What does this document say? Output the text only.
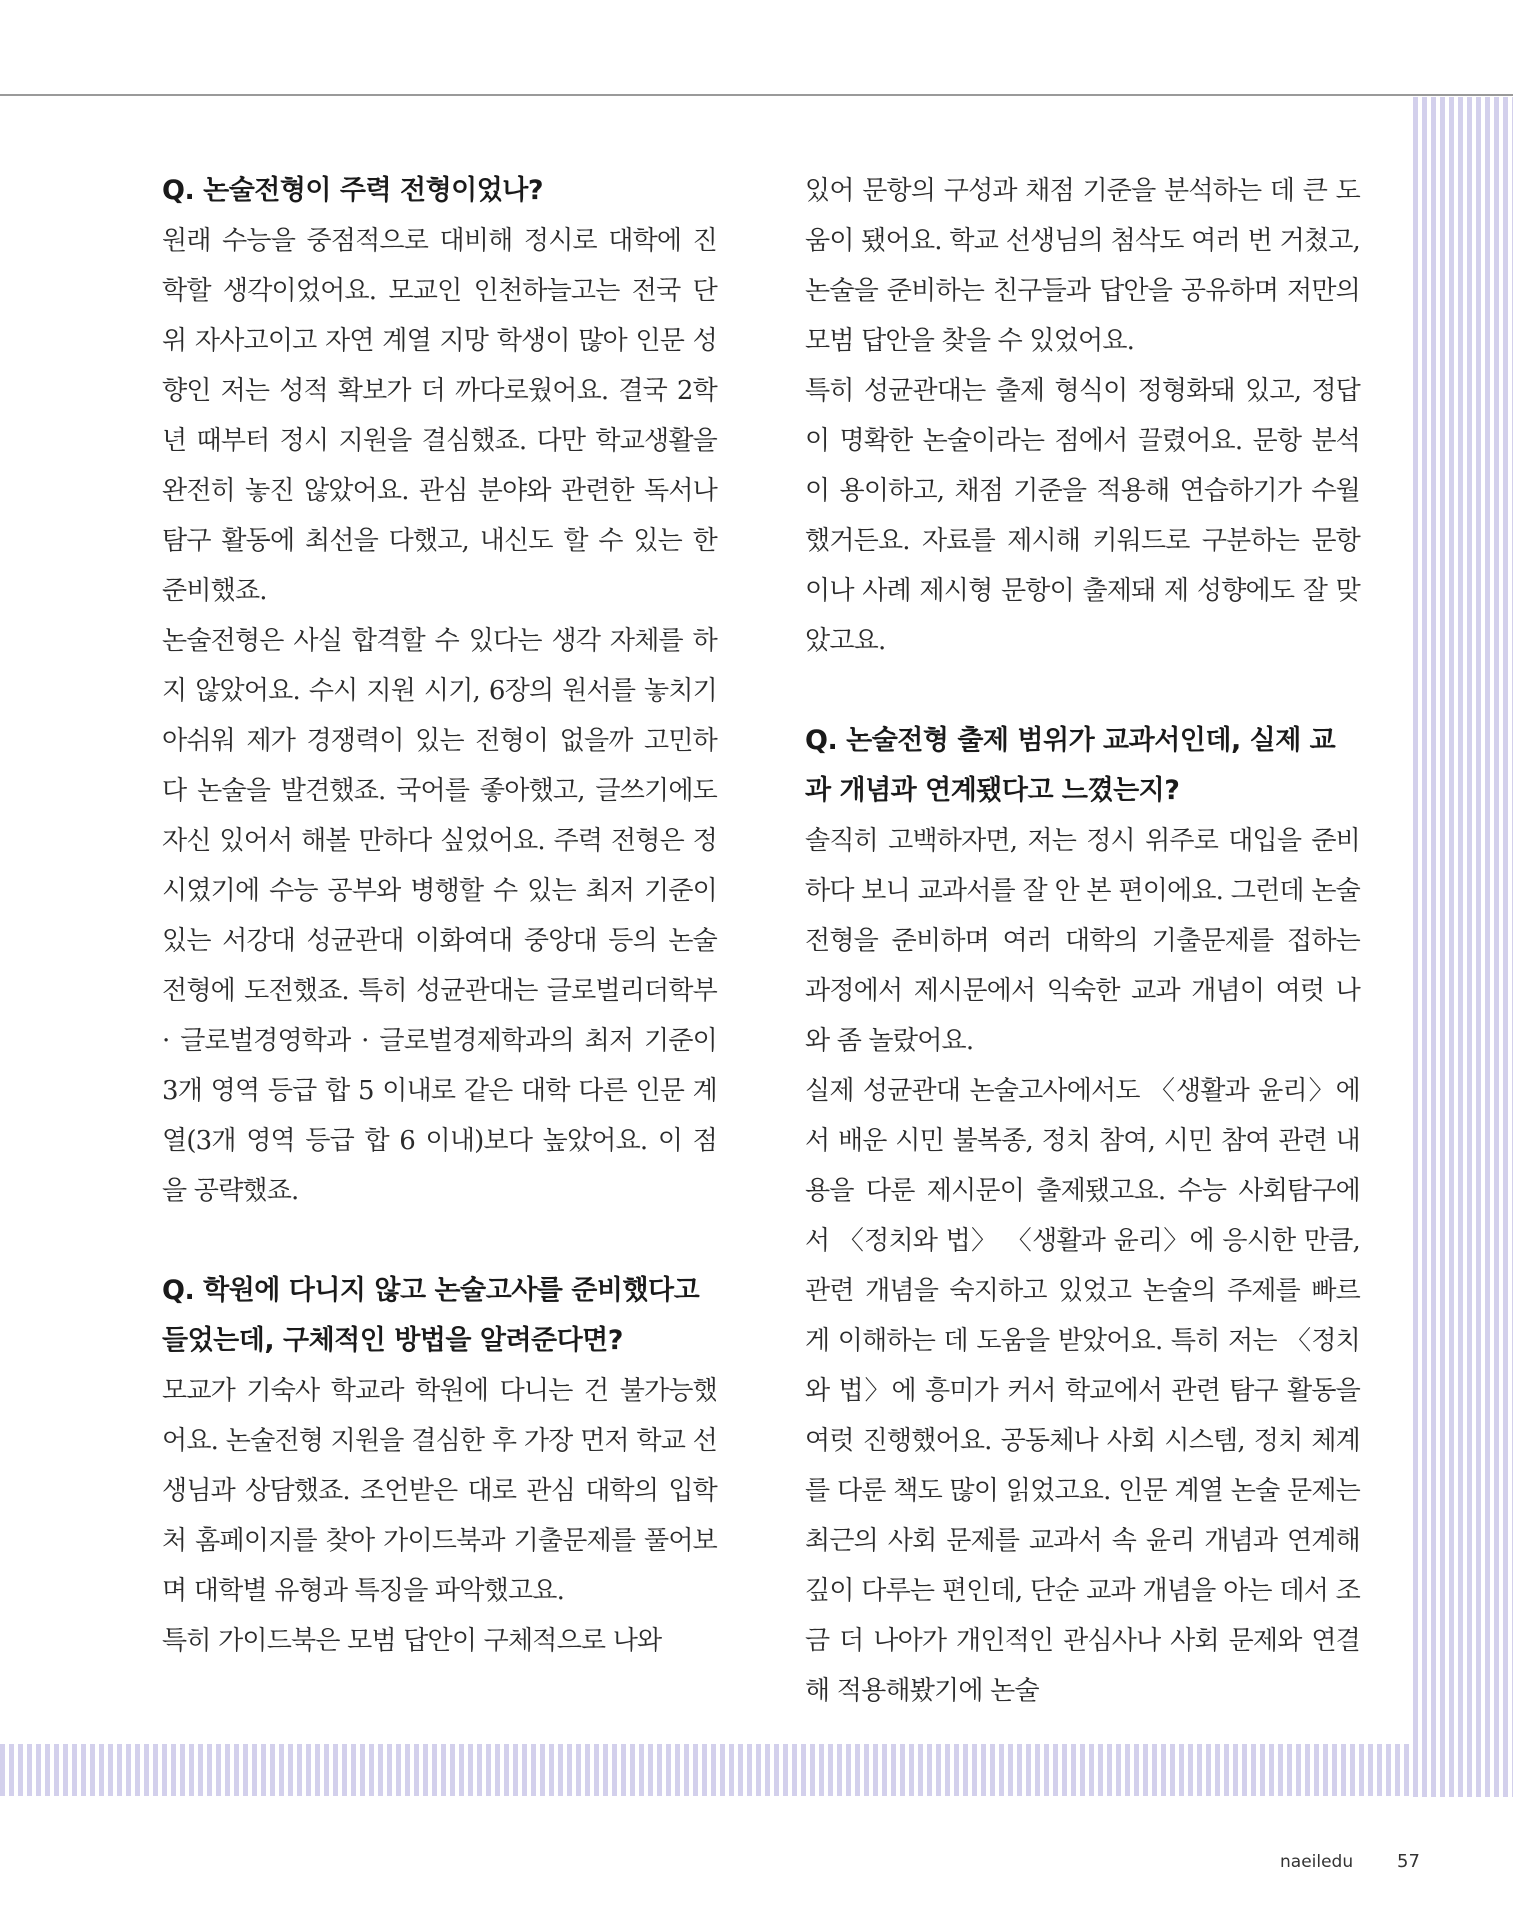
Q. 논술전형이 주력 전형이었나?
원래 수능을 중점적으로 대비해 정시로 대학에 진학할 생각이었어요. 모교인 인천하늘고는 전국 단위 자사고이고 자연 계열 지망 학생이 많아 인문 성향인 저는 성적 확보가 더 까다로웠어요. 결국 2학년 때부터 정시 지원을 결심했죠. 다만 학교생활을 완전히 놓진 않았어요. 관심 분야와 관련한 독서나 탐구 활동에 최선을 다했고, 내신도 할 수 있는 한 준비했죠.
논술전형은 사실 합격할 수 있다는 생각 자체를 하지 않았어요. 수시 지원 시기, 6장의 원서를 놓치기 아쉬워 제가 경쟁력이 있는 전형이 없을까 고민하다 논술을 발견했죠. 국어를 좋아했고, 글쓰기에도 자신 있어서 해볼 만하다 싶었어요. 주력 전형은 정시였기에 수능 공부와 병행할 수 있는 최저 기준이 있는 서강대 성균관대 이화여대 중앙대 등의 논술전형에 도전했죠. 특히 성균관대는 글로벌리더학부 · 글로벌경영학과 · 글로벌경제학과의 최저 기준이 3개 영역 등급 합 5 이내로 같은 대학 다른 인문 계열(3개 영역 등급 합 6 이내)보다 높았어요. 이 점을 공략했죠.
Q. 학원에 다니지 않고 논술고사를 준비했다고 들었는데, 구체적인 방법을 알려준다면?
모교가 기숙사 학교라 학원에 다니는 건 불가능했어요. 논술전형 지원을 결심한 후 가장 먼저 학교 선생님과 상담했죠. 조언받은 대로 관심 대학의 입학처 홈페이지를 찾아 가이드북과 기출문제를 풀어보며 대학별 유형과 특징을 파악했고요.
특히 가이드북은 모범 답안이 구체적으로 나와
있어 문항의 구성과 채점 기준을 분석하는 데 큰 도움이 됐어요. 학교 선생님의 첨삭도 여러 번 거쳤고, 논술을 준비하는 친구들과 답안을 공유하며 저만의 모범 답안을 찾을 수 있었어요.
특히 성균관대는 출제 형식이 정형화돼 있고, 정답이 명확한 논술이라는 점에서 끌렸어요. 문항 분석이 용이하고, 채점 기준을 적용해 연습하기가 수월했거든요. 자료를 제시해 키워드로 구분하는 문항이나 사례 제시형 문항이 출제돼 제 성향에도 잘 맞았고요.
Q. 논술전형 출제 범위가 교과서인데, 실제 교과 개념과 연계됐다고 느꼈는지?
솔직히 고백하자면, 저는 정시 위주로 대입을 준비하다 보니 교과서를 잘 안 본 편이에요. 그런데 논술전형을 준비하며 여러 대학의 기출문제를 접하는 과정에서 제시문에서 익숙한 교과 개념이 여럿 나와 좀 놀랐어요.
실제 성균관대 논술고사에서도 〈생활과 윤리〉에서 배운 시민 불복종, 정치 참여, 시민 참여 관련 내용을 다룬 제시문이 출제됐고요. 수능 사회탐구에서 〈정치와 법〉 〈생활과 윤리〉에 응시한 만큼, 관련 개념을 숙지하고 있었고 논술의 주제를 빠르게 이해하는 데 도움을 받았어요. 특히 저는 〈정치와 법〉에 흥미가 커서 학교에서 관련 탐구 활동을 여럿 진행했어요. 공동체나 사회 시스템, 정치 체계를 다룬 책도 많이 읽었고요. 인문 계열 논술 문제는 최근의 사회 문제를 교과서 속 윤리 개념과 연계해 깊이 다루는 편인데, 단순 교과 개념을 아는 데서 조금 더 나아가 개인적인 관심사나 사회 문제와 연결해 적용해봤기에 논술
naeiledu 57
